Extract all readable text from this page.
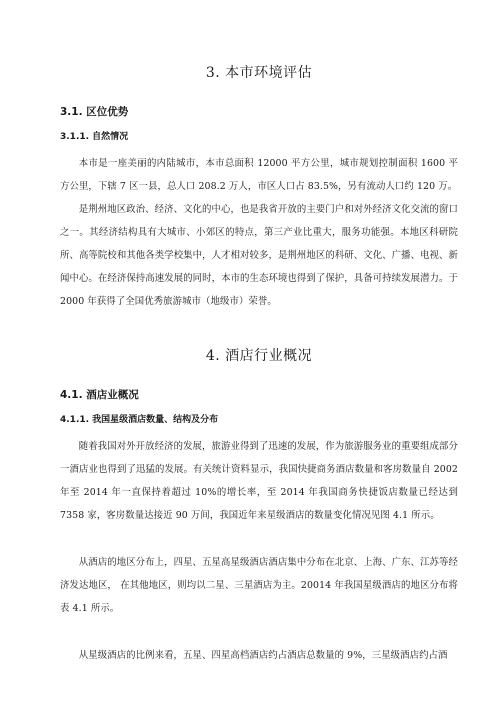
3. 本市环境评估
3.1. 区位优势
3.1.1. 自然情况

本市是一座美丽的内陆城市，本市总面积 12000 平方公里，城市规划控制面积 1600 平方公里，下辖 7 区一县，总人口 208.2 万人，市区人口占 83.5%，另有流动人口约 120 万。

是荆州地区政治、经济、文化的中心，也是我省开放的主要门户和对外经济文化交流的窗口之一。其经济结构具有大城市、小郊区的特点，第三产业比重大，服务功能强。本地区科研院所、高等院校和其他各类学校集中，人才相对较多，是荆州地区的科研、文化、广播、电视、新闻中心。在经济保持高速发展的同时，本市的生态环境也得到了保护，具备可持续发展潜力。于 2000 年获得了全国优秀旅游城市（地级市）荣誉。

4. 酒店行业概况
4.1. 酒店业概况
4.1.1. 我国星级酒店数量、结构及分布

随着我国对外开放经济的发展，旅游业得到了迅速的发展，作为旅游服务业的重要组成部分一酒店业也得到了迅猛的发展。有关统计资料显示，我国快捷商务酒店数量和客房数量自 2002 年至 2014 年一直保持着超过 10%的增长率，至 2014 年我国商务快捷饭店数量已经达到 7358 家，客房数量达接近 90 万间，我国近年来星级酒店的数量变化情况见图 4.1 所示。

从酒店的地区分布上，四星、五星高星级酒店酒店集中分布在北京、上海、广东、江苏等经济发达地区， 在其他地区，则均以二星、三星酒店为主。20014 年我国星级酒店的地区分布将表 4.1 所示。

从星级酒店的比例来看，五星、四星高档酒店约占酒店总数量的 9%，三星级酒店约占酒
